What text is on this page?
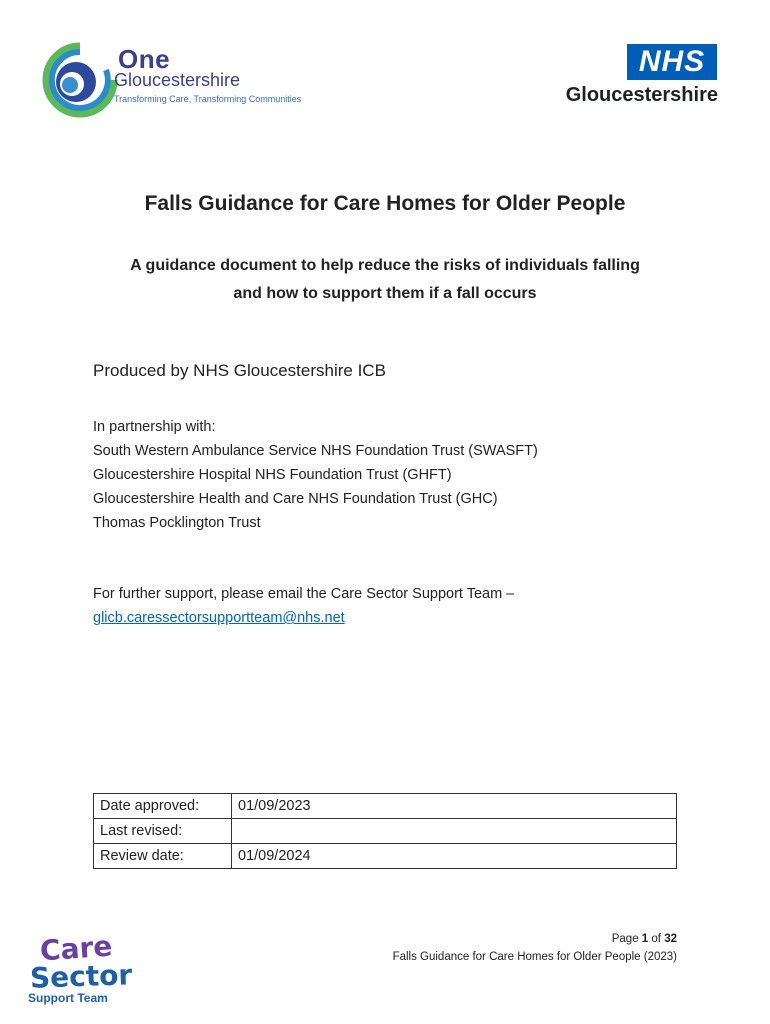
One
Gloucestershire
Transforming Care, Transforming Communities
NHS
Gloucestershire
Falls Guidance for Care Homes for Older People
A guidance document to help reduce the risks of individuals falling
and how to support them if a fall occurs
Produced by NHS Gloucestershire ICB
In partnership with:
South Western Ambulance Service NHS Foundation Trust (SWASFT)
Gloucestershire Hospital NHS Foundation Trust (GHFT)
Gloucestershire Health and Care NHS Foundation Trust (GHC)
Thomas Pocklington Trust
For further support, please email the Care Sector Support Team –
glicb.caressectorsupportteam@nhs.net
Date approved:	01/09/2023
Last revised:	
Review date:	01/09/2024
Page 1 of 32
Falls Guidance for Care Homes for Older People (2023)
Care
Sector
Support Team
